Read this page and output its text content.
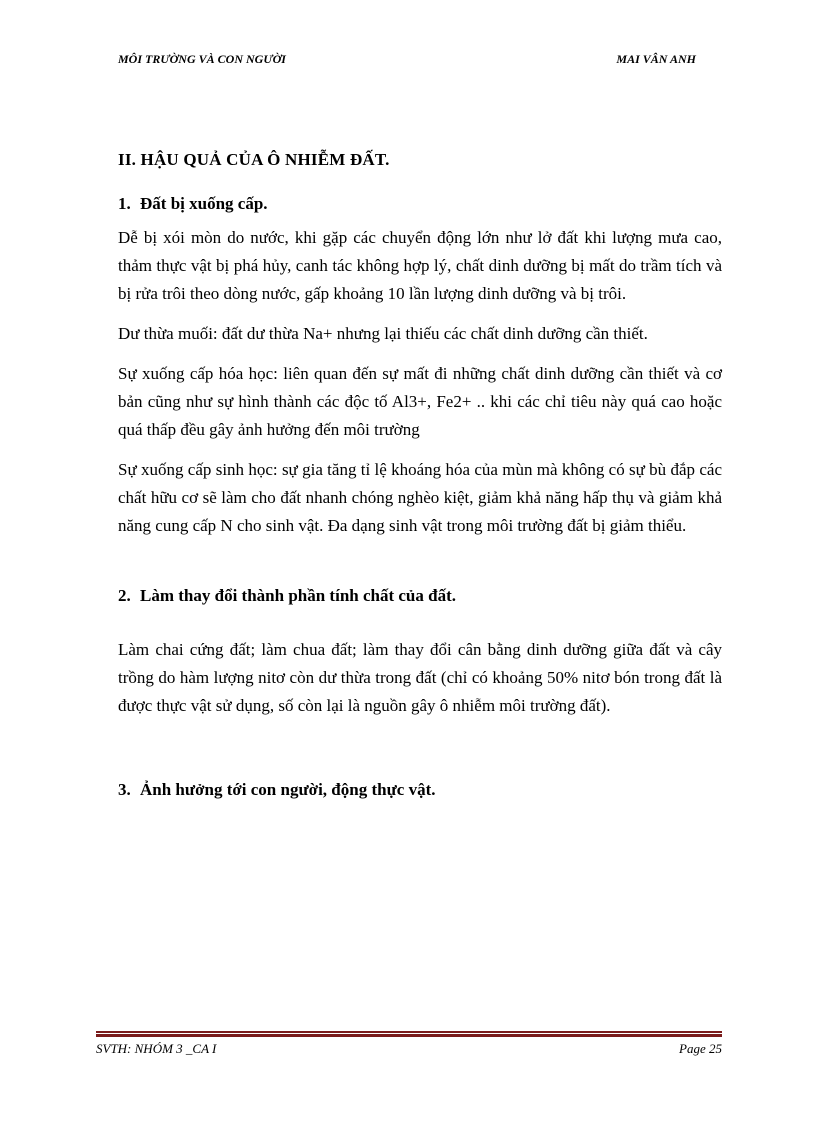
MÔI TRƯỜNG VÀ CON NGƯỜI	MAI VÂN ANH

II. HẬU QUẢ CỦA Ô NHIỄM ĐẤT.

1. Đất bị xuống cấp.

Dễ bị xói mòn do nước, khi gặp các chuyển động lớn như lở đất khi lượng mưa cao, thảm thực vật bị phá hủy, canh tác không hợp lý, chất dinh dưỡng bị mất do trầm tích và bị rửa trôi theo dòng nước, gấp khoảng 10 lần lượng dinh dưỡng và bị trôi.

Dư thừa muối: đất dư thừa Na+ nhưng lại thiếu các chất dinh dưỡng cần thiết.

Sự xuống cấp hóa học: liên quan đến sự mất đi những chất dinh dưỡng cần thiết và cơ bản cũng như sự hình thành các độc tố Al3+, Fe2+ .. khi các chỉ tiêu này quá cao hoặc quá thấp đều gây ảnh hưởng đến môi trường

Sự xuống cấp sinh học: sự gia tăng tỉ lệ khoáng hóa của mùn mà không có sự bù đắp các chất hữu cơ sẽ làm cho đất nhanh chóng nghèo kiệt, giảm khả năng hấp thụ và giảm khả năng cung cấp N cho sinh vật. Đa dạng sinh vật trong môi trường đất bị giảm thiểu.

2. Làm thay đổi thành phần tính chất của đất.

Làm chai cứng đất; làm chua đất; làm thay đổi cân bằng dinh dưỡng giữa đất và cây trồng do hàm lượng nitơ còn dư thừa trong đất (chỉ có khoảng 50% nitơ bón trong đất là được thực vật sử dụng, số còn lại là nguồn gây ô nhiễm môi trường đất).

3. Ảnh hưởng tới con người, động thực vật.

SVTH: NHÓM 3 _CA I	Page 25
